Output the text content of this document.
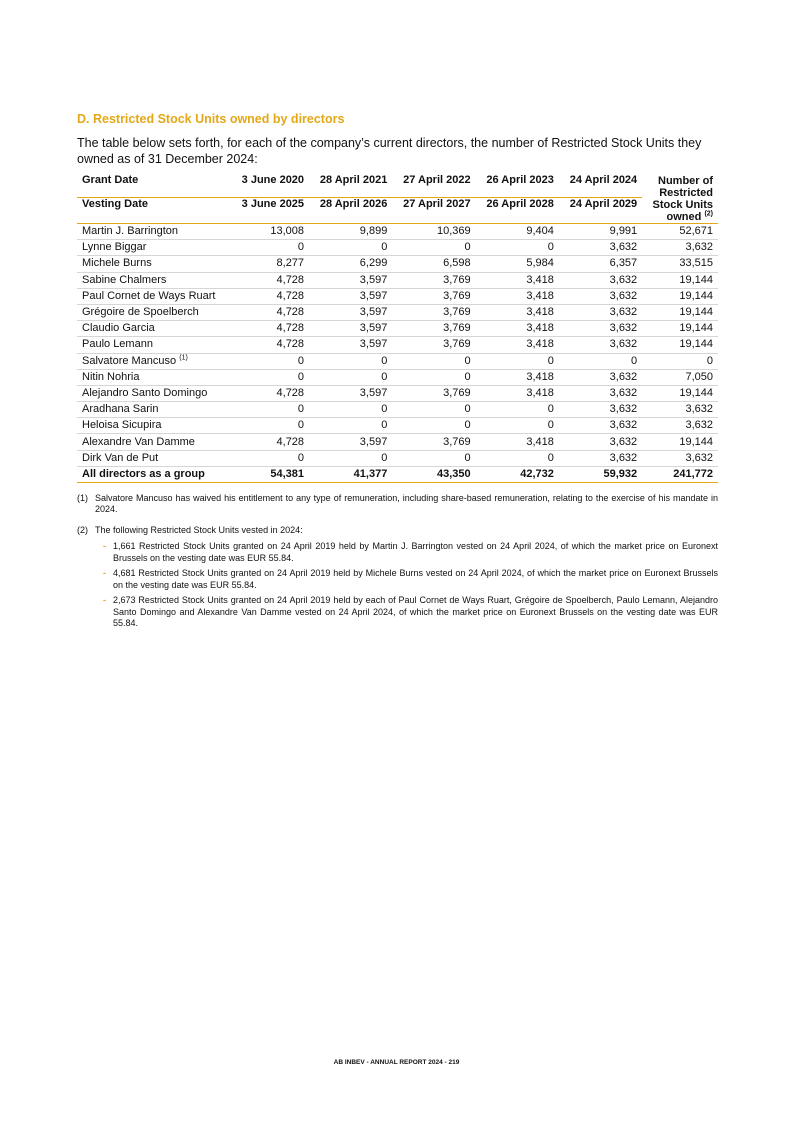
D. Restricted Stock Units owned by directors

The table below sets forth, for each of the company’s current directors, the number of Restricted Stock Units they owned as of 31 December 2024:

Grant Date	3 June 2020	28 April 2021	27 April 2022	26 April 2023	24 April 2024	Number of
Restricted
Stock Units
owned $^{(2)}$
Vesting Date	3 June 2025	28 April 2026	27 April 2027	26 April 2028	24 April 2029	
Martin J. Barrington	13,008	9,899	10,369	9,404	9,991	52,671
Lynne Biggar	0	0	0	0	3,632	3,632
Michele Burns	8,277	6,299	6,598	5,984	6,357	33,515
Sabine Chalmers	4,728	3,597	3,769	3,418	3,632	19,144
Paul Cornet de Ways Ruart	4,728	3,597	3,769	3,418	3,632	19,144
Grégoire de Spoelberch	4,728	3,597	3,769	3,418	3,632	19,144
Claudio Garcia	4,728	3,597	3,769	3,418	3,632	19,144
Paulo Lemann	4,728	3,597	3,769	3,418	3,632	19,144
Salvatore Mancuso $^{(1)}$	0	0	0	0	0	0
Nitin Nohria	0	0	0	3,418	3,632	7,050
Alejandro Santo Domingo	4,728	3,597	3,769	3,418	3,632	19,144
Aradhana Sarin	0	0	0	0	3,632	3,632
Heloisa Sicupira	0	0	0	0	3,632	3,632
Alexandre Van Damme	4,728	3,597	3,769	3,418	3,632	19,144
Dirk Van de Put	0	0	0	0	3,632	3,632
All directors as a group	54,381	41,377	43,350	42,732	59,932	241,772
(1) Salvatore Mancuso has waived his entitlement to any type of remuneration, including share-based remuneration, relating to the exercise of his mandate in 2024.
(2) The following Restricted Stock Units vested in 2024:
- 1,661 Restricted Stock Units granted on 24 April 2019 held by Martin J. Barrington vested on 24 April 2024, of which the market price on Euronext Brussels on the vesting date was EUR 55.84.
- 4,681 Restricted Stock Units granted on 24 April 2019 held by Michele Burns vested on 24 April 2024, of which the market price on Euronext Brussels on the vesting date was EUR 55.84.
- 2,673 Restricted Stock Units granted on 24 April 2019 held by each of Paul Cornet de Ways Ruart, Grégoire de Spoelberch, Paulo Lemann, Alejandro Santo Domingo and Alexandre Van Damme vested on 24 April 2024, of which the market price on Euronext Brussels on the vesting date was EUR 55.84.
AB INBEV - ANNUAL REPORT 2024 - 219
